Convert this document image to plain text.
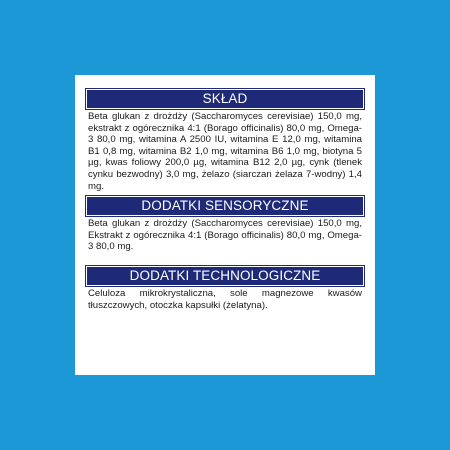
SKŁAD
Beta glukan z drożdży (Saccharomyces cerevisiae) 150,0 mg, ekstrakt z ogórecznika 4:1 (Borago officinalis) 80,0 mg, Omega-3 80,0 mg, witamina A 2500 IU, witamina E 12,0 mg, witamina B1 0,8 mg, witamina B2 1,0 mg, witamina B6 1,0 mg, biotyna 5 µg, kwas foliowy 200,0 µg, witamina B12 2,0 µg, cynk (tlenek cynku bezwodny) 3,0 mg, żelazo (siarczan żelaza 7-wodny) 1,4 mg.
DODATKI SENSORYCZNE
Beta glukan z drożdży (Saccharomyces cerevisiae) 150,0 mg, Ekstrakt z ogórecznika 4:1 (Borago officinalis) 80,0 mg, Omega-3 80,0 mg.
DODATKI TECHNOLOGICZNE
Celuloza mikrokrystaliczna, sole magnezowe kwasów tłuszczowych, otoczka kapsułki (żelatyna).
